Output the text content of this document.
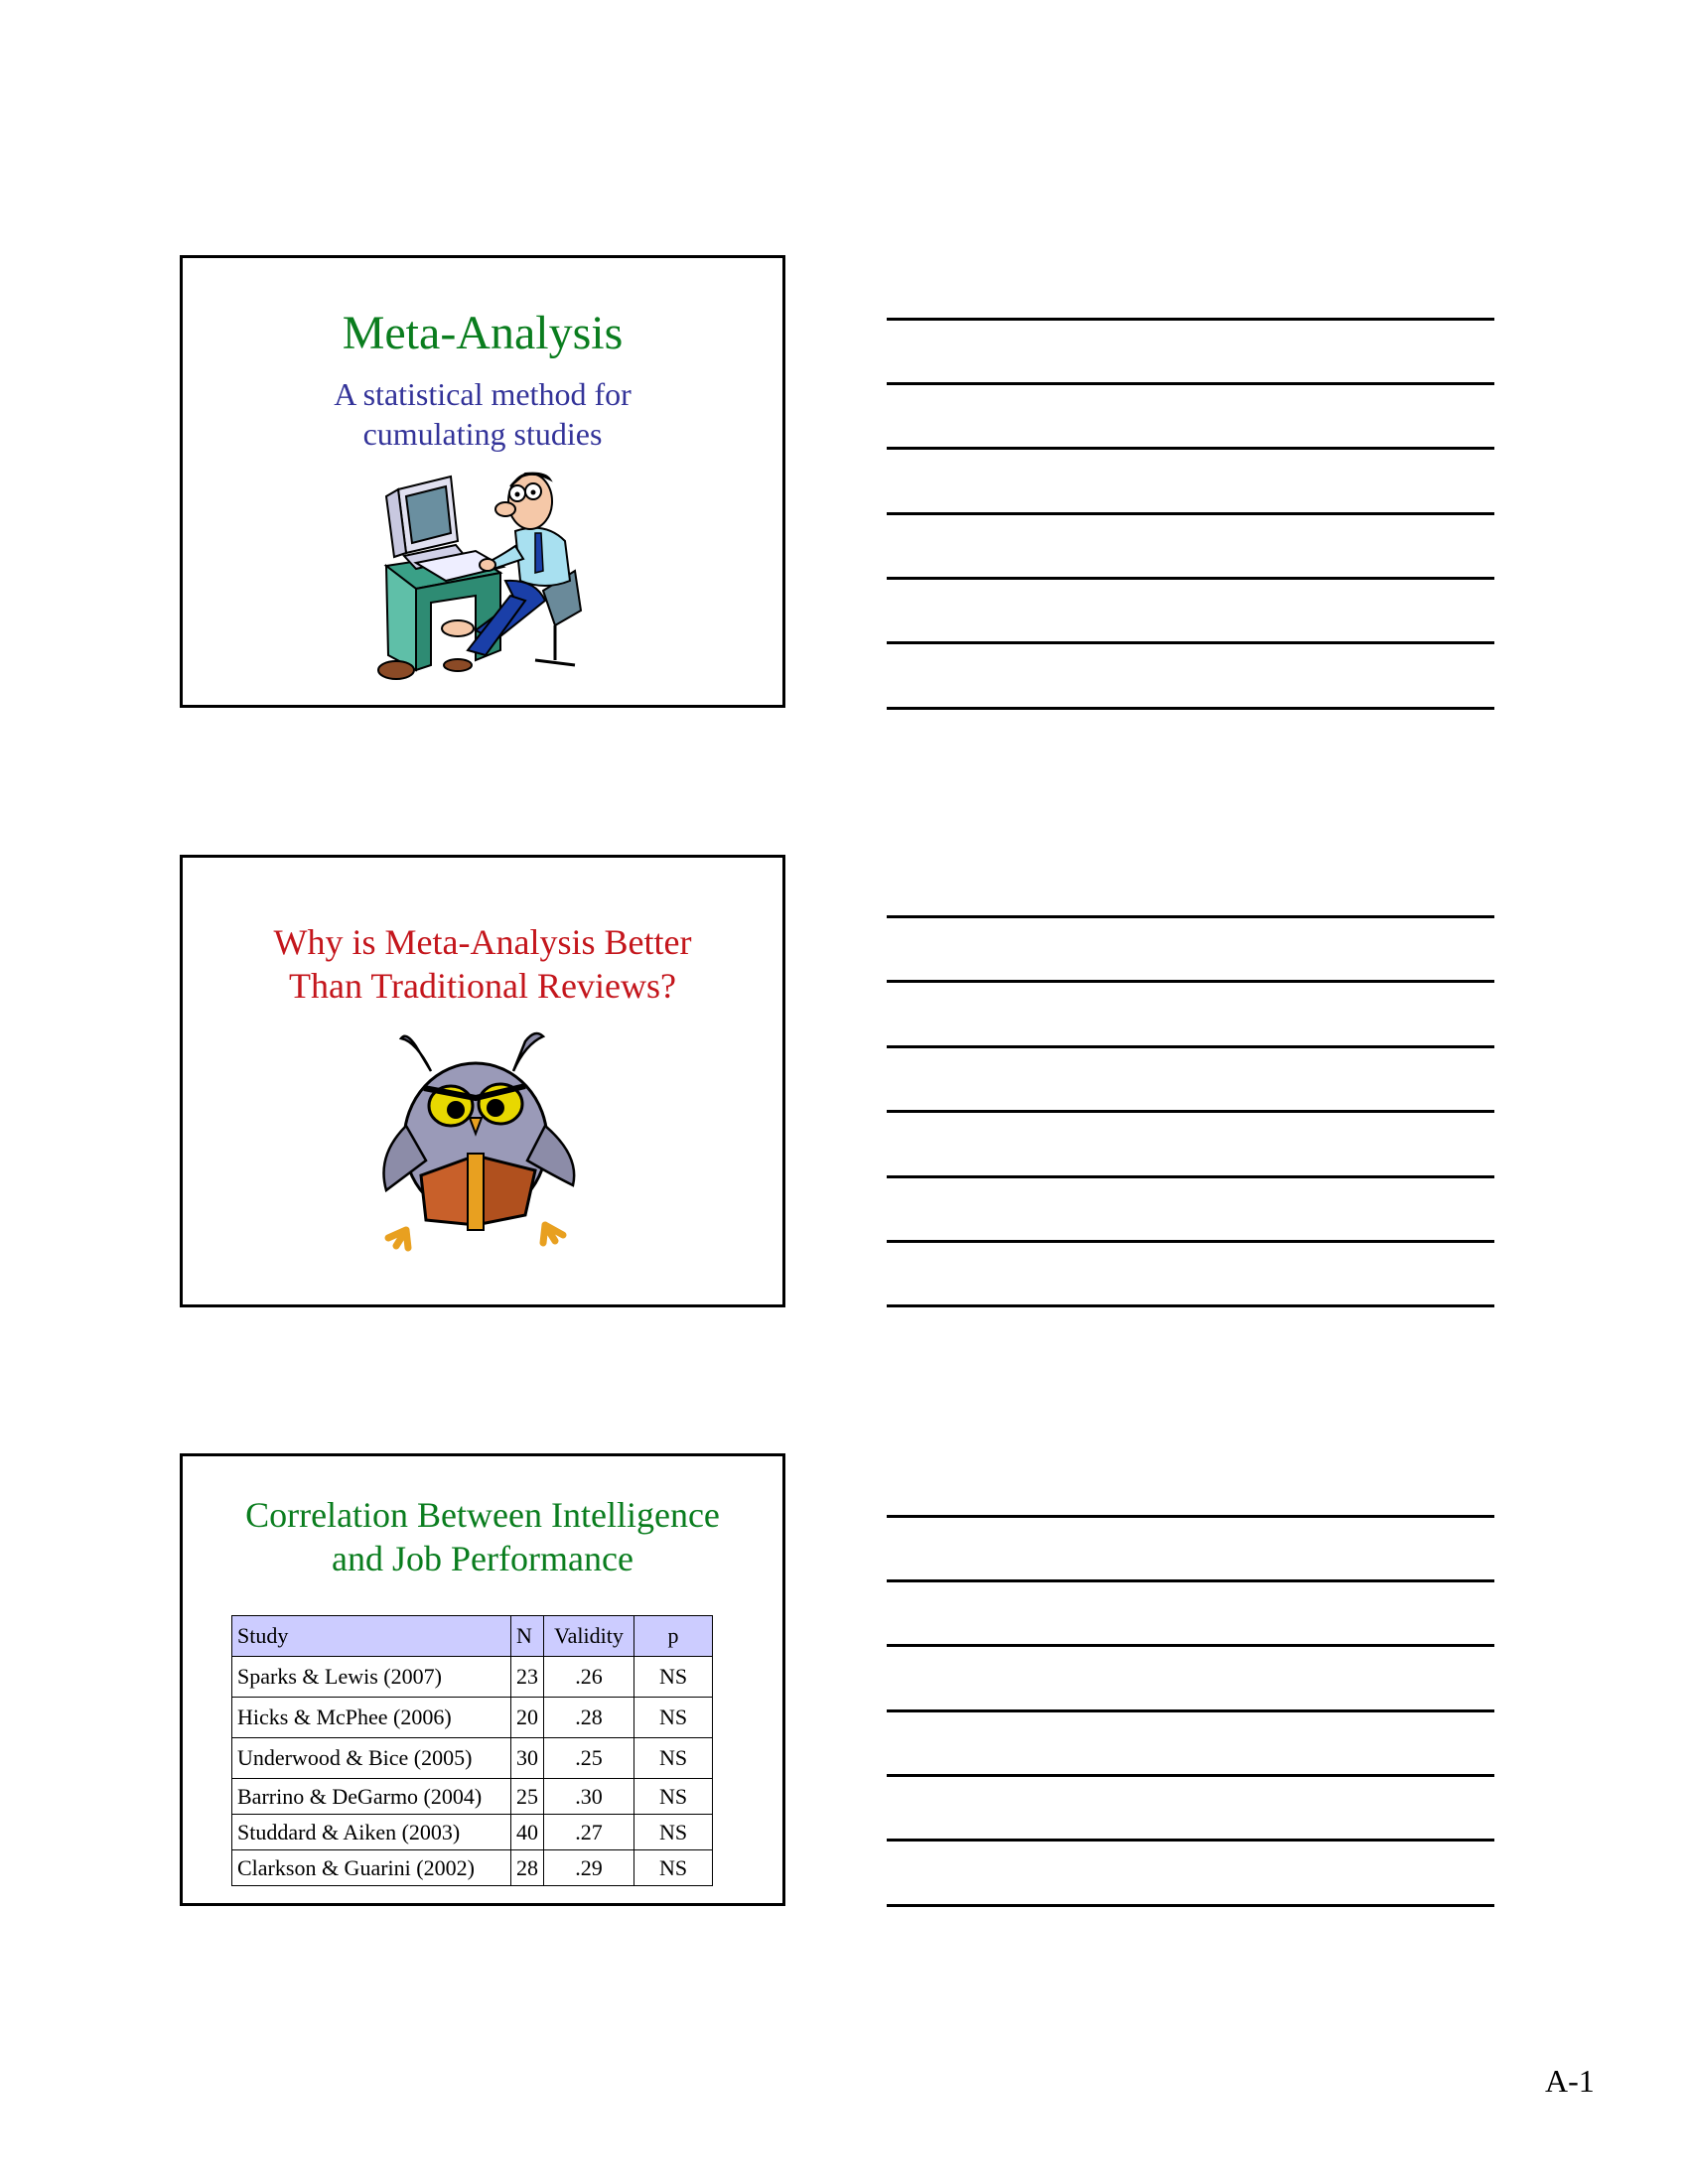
Meta-Analysis
A statistical method for
cumulating studies
Why is Meta-Analysis Better
Than Traditional Reviews?
Correlation Between Intelligence
and Job Performance
Study	N	Validity	p
Sparks & Lewis (2007)	23	.26	NS
Hicks & McPhee (2006)	20	.28	NS
Underwood & Bice (2005)	30	.25	NS
Barrino & DeGarmo (2004)	25	.30	NS
Studdard & Aiken (2003)	40	.27	NS
Clarkson & Guarini (2002)	28	.29	NS
A-1
